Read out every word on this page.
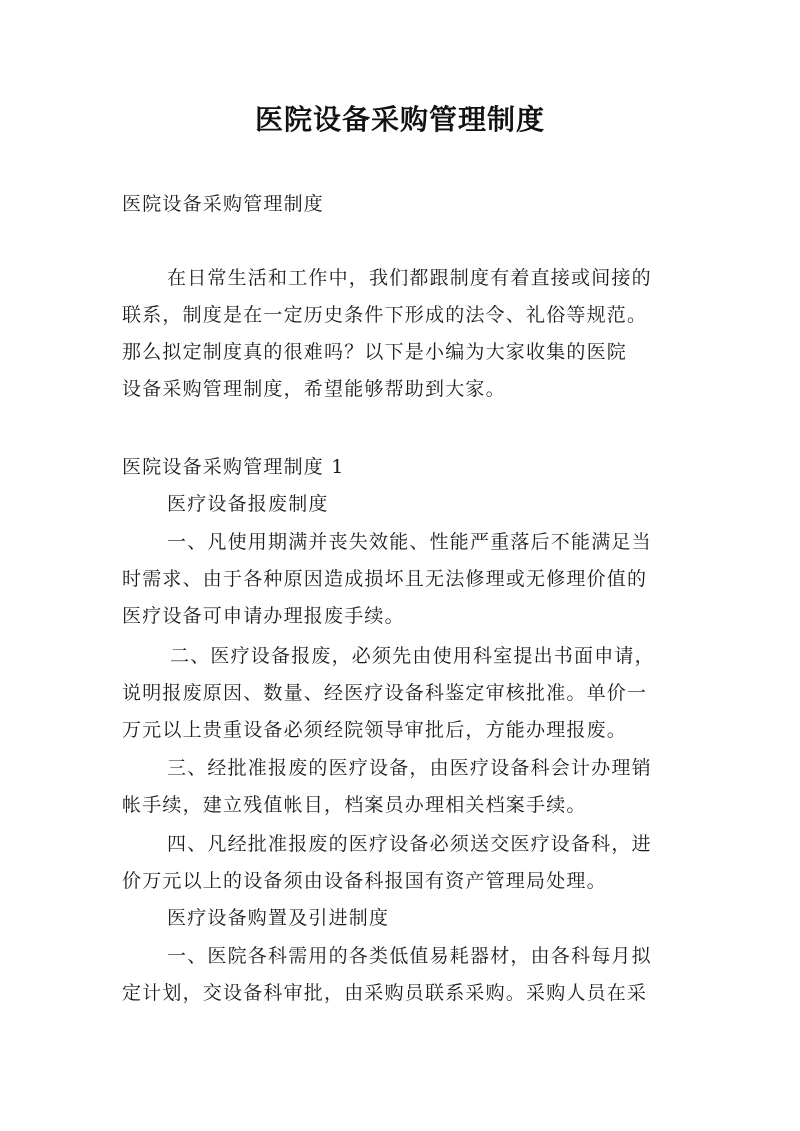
医院设备采购管理制度
医院设备采购管理制度
在日常生活和工作中，我们都跟制度有着直接或间接的
联系，制度是在一定历史条件下形成的法令、礼俗等规范。
那么拟定制度真的很难吗？以下是小编为大家收集的医院
设备采购管理制度，希望能够帮助到大家。
医院设备采购管理制度 1
医疗设备报废制度
一、凡使用期满并丧失效能、性能严重落后不能满足当
时需求、由于各种原因造成损坏且无法修理或无修理价值的
医疗设备可申请办理报废手续。
二、医疗设备报废，必须先由使用科室提出书面申请，
说明报废原因、数量、经医疗设备科鉴定审核批准。单价一
万元以上贵重设备必须经院领导审批后，方能办理报废。
三、经批准报废的医疗设备，由医疗设备科会计办理销
帐手续，建立残值帐目，档案员办理相关档案手续。
四、凡经批准报废的医疗设备必须送交医疗设备科，进
价万元以上的设备须由设备科报国有资产管理局处理。
医疗设备购置及引进制度
一、医院各科需用的各类低值易耗器材，由各科每月拟
定计划，交设备科审批，由采购员联系采购。采购人员在采
